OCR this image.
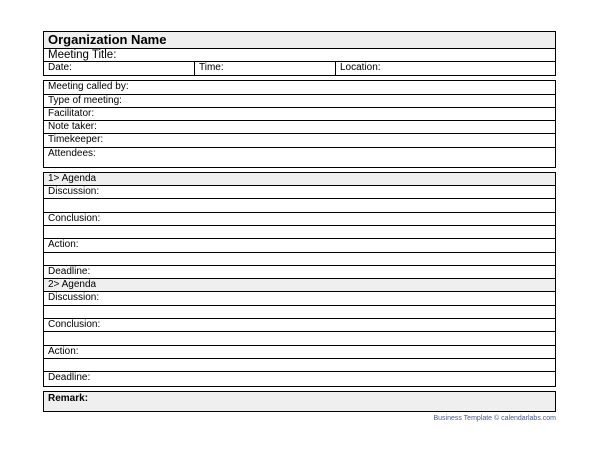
Organization Name
Meeting Title:
Date:	Time:	Location:
Meeting called by:
Type of meeting:
Facilitator:
Note taker:
Timekeeper:
Attendees:
1> Agenda
Discussion:
Conclusion:
Action:
Deadline:
2> Agenda
Discussion:
Conclusion:
Action:
Deadline:
Remark:
Business Template © calendarlabs.com
